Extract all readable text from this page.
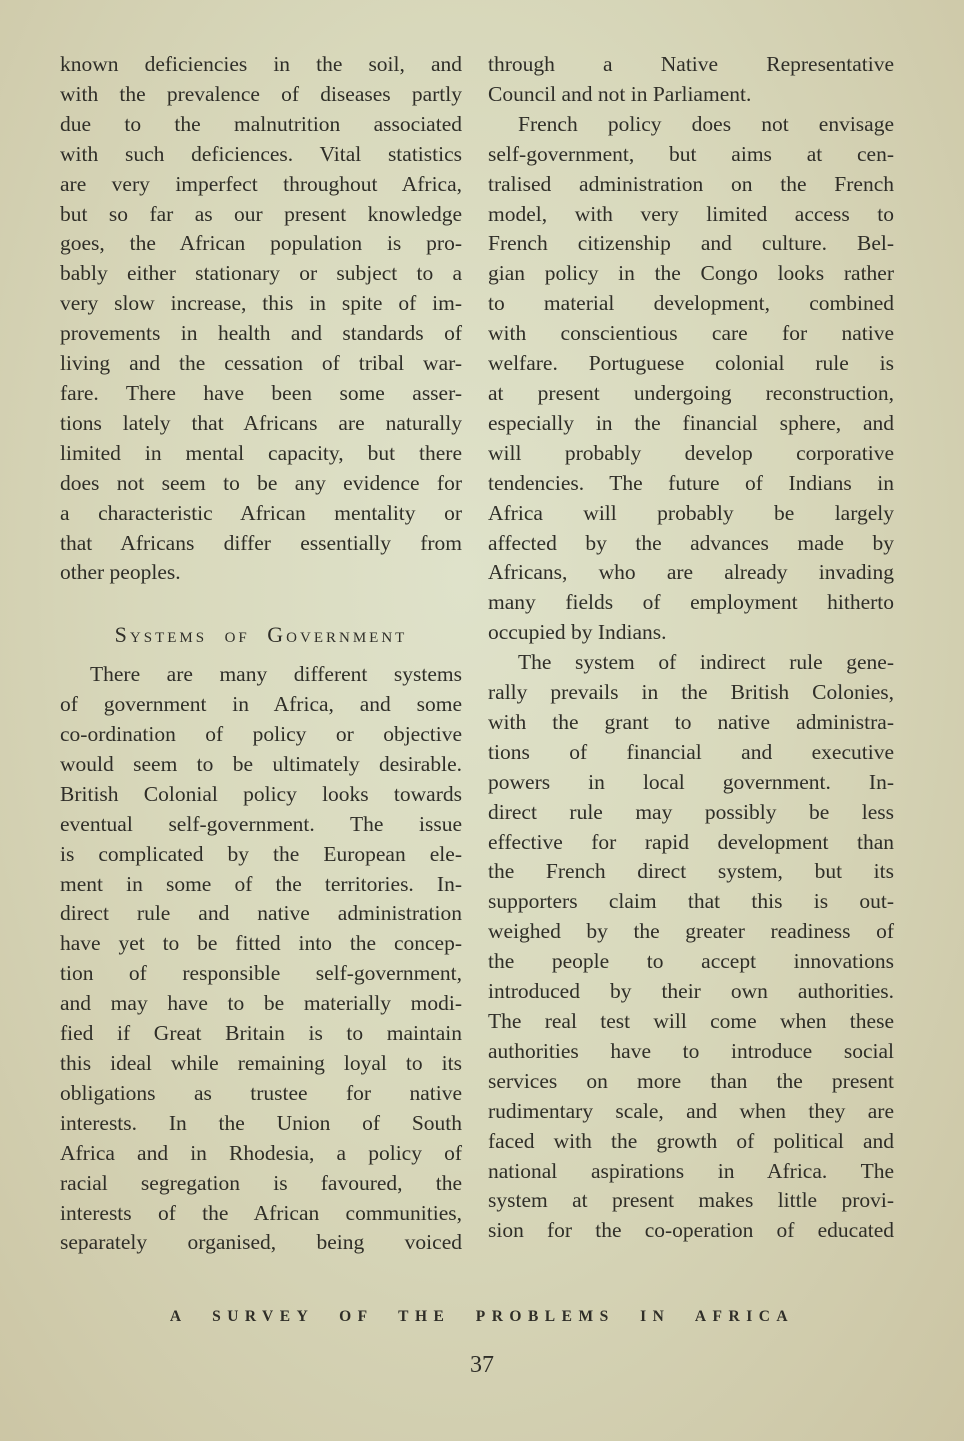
known deficiencies in the soil, and
with the prevalence of diseases partly
due to the malnutrition associated
with such deficiences. Vital statistics
are very imperfect throughout Africa,
but so far as our present knowledge
goes, the African population is pro-
bably either stationary or subject to a
very slow increase, this in spite of im-
provements in health and standards of
living and the cessation of tribal war-
fare. There have been some asser-
tions lately that Africans are naturally
limited in mental capacity, but there
does not seem to be any evidence for
a characteristic African mentality or
that Africans differ essentially from
other peoples.
Systems of Government
There are many different systems
of government in Africa, and some
co-ordination of policy or objective
would seem to be ultimately desirable.
British Colonial policy looks towards
eventual self-government. The issue
is complicated by the European ele-
ment in some of the territories. In-
direct rule and native administration
have yet to be fitted into the concep-
tion of responsible self-government,
and may have to be materially modi-
fied if Great Britain is to maintain
this ideal while remaining loyal to its
obligations as trustee for native
interests. In the Union of South
Africa and in Rhodesia, a policy of
racial segregation is favoured, the
interests of the African communities,
separately organised, being voiced
through a Native Representative
Council and not in Parliament.
French policy does not envisage
self-government, but aims at cen-
tralised administration on the French
model, with very limited access to
French citizenship and culture. Bel-
gian policy in the Congo looks rather
to material development, combined
with conscientious care for native
welfare. Portuguese colonial rule is
at present undergoing reconstruction,
especially in the financial sphere, and
will probably develop corporative
tendencies. The future of Indians in
Africa will probably be largely
affected by the advances made by
Africans, who are already invading
many fields of employment hitherto
occupied by Indians.
The system of indirect rule gene-
rally prevails in the British Colonies,
with the grant to native administra-
tions of financial and executive
powers in local government. In-
direct rule may possibly be less
effective for rapid development than
the French direct system, but its
supporters claim that this is out-
weighed by the greater readiness of
the people to accept innovations
introduced by their own authorities.
The real test will come when these
authorities have to introduce social
services on more than the present
rudimentary scale, and when they are
faced with the growth of political and
national aspirations in Africa. The
system at present makes little provi-
sion for the co-operation of educated
A SURVEY OF THE PROBLEMS IN AFRICA
37
